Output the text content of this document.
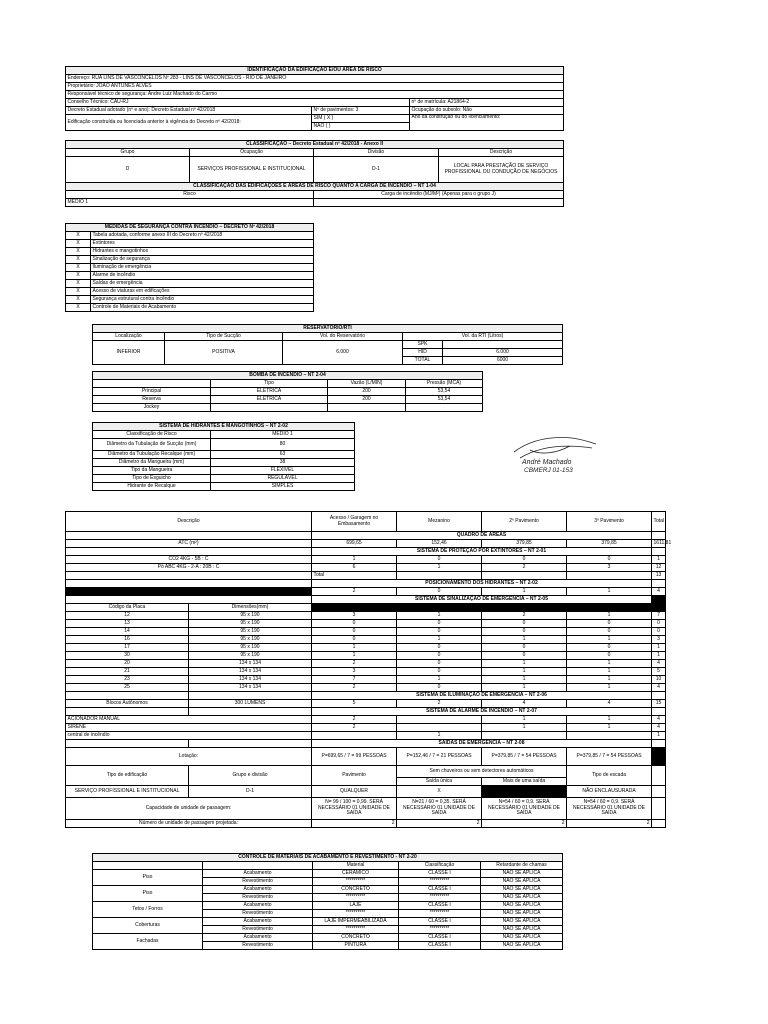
IDENTIFICAÇÃO DA EDIFICAÇÃO E/OU ÁREA DE RISCO		
Endereço: RUA LINS DE VASCONCELOS Nº 283 - LINS DE VASCONCELOS - RIO DE JANEIRO		
Proprietário: JOÃO ANTUNES ALVES		
Responsável técnico de segurança: Andre Luiz Machado do Carmo		
Conselho Técnico: CAU-RJ		nº de matrícula: A21864-2
Decreto Estadual adotado (nº e ano): Decreto Estadual nº 42/2018	Nº de pavimentos: 3	Ocupação do subsolo: Não
Edificação construída ou licenciada anterior à vigência do Decreto nº 42/2018:	SIM ( X )	Ano da construção ou do licenciamento:
	NÃO ( )	
CLASSIFICAÇÃO – Decreto Estadual nº 42/2018 - Anexo II			
Grupo	Ocupação	Divisão	Descrição
D	SERVIÇOS PROFISSIONAL E INSTITUCIONAL	D-1	LOCAL PARA PRESTAÇÃO DE SERVIÇO PROFISSIONAL OU CONDUÇÃO DE NEGÓCIOS
CLASSIFICAÇÃO DAS EDIFICAÇÕES E ÁREAS DE RISCO QUANTO A CARGA DE INCÊNDIO – NT 1-04			
Risco		Carga de incêndio (MJ/M²) (Apenas para o grupo J)	
MÉDIO 1			
MEDIDAS DE SEGURANÇA CONTRA INCÊNDIO – DECRETO Nº 42/2018	
X	Tabela adotada, conforme anexo III do Decreto nº 42/2018
X	Extintores
X	Hidrantes e mangotinhos
X	Sinalização de segurança
X	Iluminação de emergência
X	Alarme de incêndio
X	Saídas de emergência
X	Acesso de viaturas em edificações
X	Segurança estrutural contra incêndio
X	Controle de Materiais de Acabamento
RESERVATÓRIO/RTI				
Localização	Tipo de Sucção	Vol. do Reservatório	Vol. da RTI (Litros)	
INFERIOR	POSITIVA	6.000	SPK	
			HID	6.000
			TOTAL	6000
BOMBA DE INCÊNDIO – NT 2-04			
	Tipo	Vazão (L/MIN)	Pressão (MCA)
Principal	ELÉTRICA	200	53,54
Reserva	ELÉTRICA	200	53,54
Jockey			
SISTEMA DE HIDRANTES E MANGOTINHOS – NT 2-02	
Classificação de Risco	MÉDIO 1
Diâmetro da Tubulação de Sucção (mm)	80
Diâmetro da Tubulação Recalque (mm)	63
Diâmetro da Mangueira (mm)	38
Tipo da Mangueira	FLEXÍVEL
Tipo de Esguicho	REGULÁVEL
Hidrante de Recalque	SIMPLES
André Machado
CBMERJ 01-153
Descrição		Acesso / Garagem no Embasamento	Mezanino	2º Pavimento	3º Pavimento	Total
		QUADRO DE ÁREAS				
ATC (m²)		699,65	152,46	379,85	379,85	1611,81
		SISTEMA DE PROTEÇÃO POR EXTINTORES – NT 2-01				
CO2 4KG - 5B : C		1	0	0	0	1
Pó ABC 4KG - 2-A : 20B : C		6	1	2	3	12
		Total				13
		POSICIONAMENTO DOS HIDRANTES – NT 2-02				
		2	0	1	1	4
		SISTEMA DE SINALIZAÇÃO DE EMERGÊNCIA – NT 2-05				
Código da Placa	Dimensões(mm)					
12	95 x 190	3	1	2	1	7
13	95 x 190	0	0	0	0	0
14	95 x 190	0	0	0	0	0
16	95 x 190	0	1	1	1	3
17	95 x 190	1	0	0	0	1
30	95 x 190	1	0	0	0	1
20	134 x 134	2	0	1	1	4
21	134 x 134	3	0	1	1	5
23	134 x 134	7	1	1	1	10
25	134 x 134	2	0	1	1	4
		SISTEMA DE ILUMINAÇÃO DE EMERGÊNCIA – NT 2-06				
Blocos Autônomos	300 LUMENS	5	2	4	4	15
		SISTEMA DE ALARME DE INCÊNDIO – NT 2-07				
ACIONADOR MANUAL		2		1	1	4
SIRENE		2		1	1	4
central de incêndio			1			1
		SAÍDAS DE EMERGÊNCIA – NT 2-08				
Lotação:		P=699,65 / 7 = 99 PESSOAS	P=152,46 / 7 = 21 PESSOAS	P=379,85 / 7 = 54 PESSOAS	P=379,85 / 7 = 54 PESSOAS	
Tipo de edificação	Grupo e divisão	Pavimento	Sem chuveiros ou sem detectores automáticos		Tipo de escada	
			Saída única	Mais de uma saída		
SERVIÇO PROFISSIONAL E INSTITUCIONAL	D-1	QUALQUER	X		NÃO ENCLAUSURADA	
Capacidade de unidade de passagem:		N= 99 / 100 = 0,99. SERÁ NECESSÁRIO 01 UNIDADE DE SAÍDA	N=21 / 60 = 0,35. SERÁ NECESSÁRIO 01 UNIDADE DE SAÍDA	N=54 / 60 = 0,9. SERÁ NECESSÁRIO 01 UNIDADE DE SAÍDA	N=54 / 60 = 0,9. SERÁ NECESSÁRIO 01 UNIDADE DE SAÍDA	
Número de unidade de passagem projetada:		2	2	2	2	
CONTROLE DE MATERIAIS DE ACABAMENTO E REVESTIMENTO - NT 2-20				
		Material	Classificação	Retardante de chamas
Piso	Acabamento	CERÂMICO	CLASSE I	NÃO SE APLICA
	Revestimento	**********	**********	NÃO SE APLICA
Piso	Acabamento	CONCRETO	CLASSE I	NÃO SE APLICA
	Revestimento	**********	**********	NÃO SE APLICA
Tetos / Forros	Acabamento	LAJE	CLASSE I	NÃO SE APLICA
	Revestimento	**********	**********	NÃO SE APLICA
Coberturas	Acabamento	LAJE IMPERMEABILIZADA	CLASSE I	NÃO SE APLICA
	Revestimento	**********	**********	NÃO SE APLICA
Fachadas	Acabamento	CONCRETO	CLASSE I	NÃO SE APLICA
	Revestimento	PINTURA	CLASSE I	NÃO SE APLICA
